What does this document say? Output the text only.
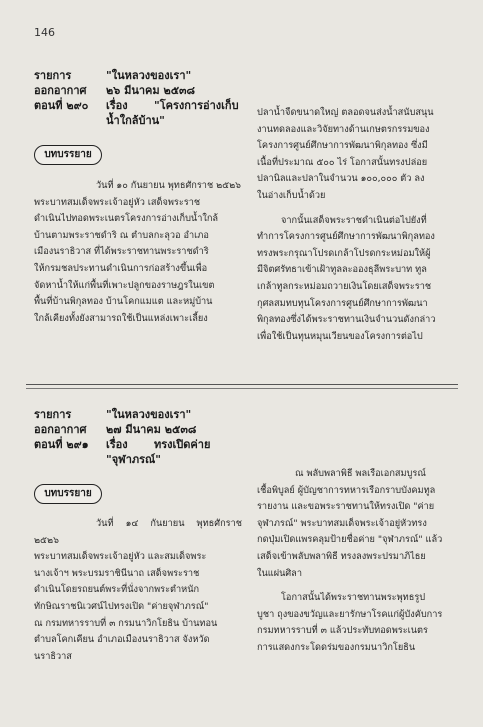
146
รายการ	"ในหลวงของเรา"
ออกอากาศ	๒๖ มีนาคม ๒๕๓๘
ตอนที่ ๒๙๐	เรื่อง "โครงการอ่างเก็บ
น้ำใกล้บ้าน"
บทบรรยาย

วันที่ ๑๐ กันยายน พุทธศักราช ๒๕๒๖

พระบาทสมเด็จพระเจ้าอยู่หัว เสด็จพระราช

ดำเนินไปทอดพระเนตรโครงการอ่างเก็บน้ำใกล้

บ้านตามพระราชดำริ ณ ตำบลกะลุวอ อำเภอ

เมืองนราธิวาส ที่ได้พระราชทานพระราชดำริ

ให้กรมชลประทานดำเนินการก่อสร้างขึ้นเพื่อ

จัดหาน้ำให้แก่พื้นที่เพาะปลูกของราษฎรในเขต

พื้นที่บ้านพิกุลทอง บ้านโคกแมแต และหมู่บ้าน

ใกล้เคียงทั้งยังสามารถใช้เป็นแหล่งเพาะเลี้ยง

ปลาน้ำจืดขนาดใหญ่ ตลอดจนส่งน้ำสนับสนุน

งานทดลองและวิจัยทางด้านเกษตรกรรมของ

โครงการศูนย์ศึกษาการพัฒนาพิกุลทอง ซึ่งมี

เนื้อที่ประมาณ ๕๐๐ ไร่ โอกาสนั้นทรงปล่อย

ปลานิลและปลาในจำนวน ๑๐๐,๐๐๐ ตัว ลง

ในอ่างเก็บน้ำด้วย

จากนั้นเสด็จพระราชดำเนินต่อไปยังที่

ทำการโครงการศูนย์ศึกษาการพัฒนาพิกุลทอง

ทรงพระกรุณาโปรดเกล้าโปรดกระหม่อมให้ผู้

มีจิตศรัทธาเข้าเฝ้าทูลละอองธุลีพระบาท ทูล

เกล้าทูลกระหม่อมถวายเงินโดยเสด็จพระราช

กุศลสมทบทุนโครงการศูนย์ศึกษาการพัฒนา

พิกุลทองซึ่งได้พระราชทานเงินจำนวนดังกล่าว

เพื่อใช้เป็นทุนหมุนเวียนของโครงการต่อไป

รายการ	"ในหลวงของเรา"
ออกอากาศ	๒๗ มีนาคม ๒๕๓๘
ตอนที่ ๒๙๑	เรื่อง ทรงเปิดค่าย
"จุฬาภรณ์"
บทบรรยาย

วันที่ ๑๔ กันยายน พุทธศักราช ๒๕๒๖

พระบาทสมเด็จพระเจ้าอยู่หัว และสมเด็จพระ

นางเจ้าฯ พระบรมราชินีนาถ เสด็จพระราช

ดำเนินโดยรถยนต์พระที่นั่งจากพระตำหนัก

ทักษิณราชนิเวศน์ไปทรงเปิด "ค่ายจุฬาภรณ์"

ณ กรมทหารราบที่ ๓ กรมนาวิกโยธิน บ้านทอน

ตำบลโคกเคียน อำเภอเมืองนราธิวาส จังหวัด

นราธิวาส

ณ พลับพลาพิธี พลเรือเอกสมบูรณ์

เชื้อพิบูลย์ ผู้บัญชาการทหารเรือกราบบังคมทูล

รายงาน และขอพระราชทานให้ทรงเปิด "ค่าย

จุฬาภรณ์" พระบาทสมเด็จพระเจ้าอยู่หัวทรง

กดปุ่มเปิดแพรคลุมป้ายชื่อค่าย "จุฬาภรณ์" แล้ว

เสด็จเข้าพลับพลาพิธี ทรงลงพระปรมาภิไธย

ในแผ่นศิลา

โอกาสนั้นได้พระราชทานพระพุทธรูป

บูชา ถุงของขวัญและยารักษาโรคแก่ผู้บังคับการ

กรมทหารราบที่ ๓ แล้วประทับทอดพระเนตร

การแสดงกระโดดร่มของกรมนาวิกโยธิน
